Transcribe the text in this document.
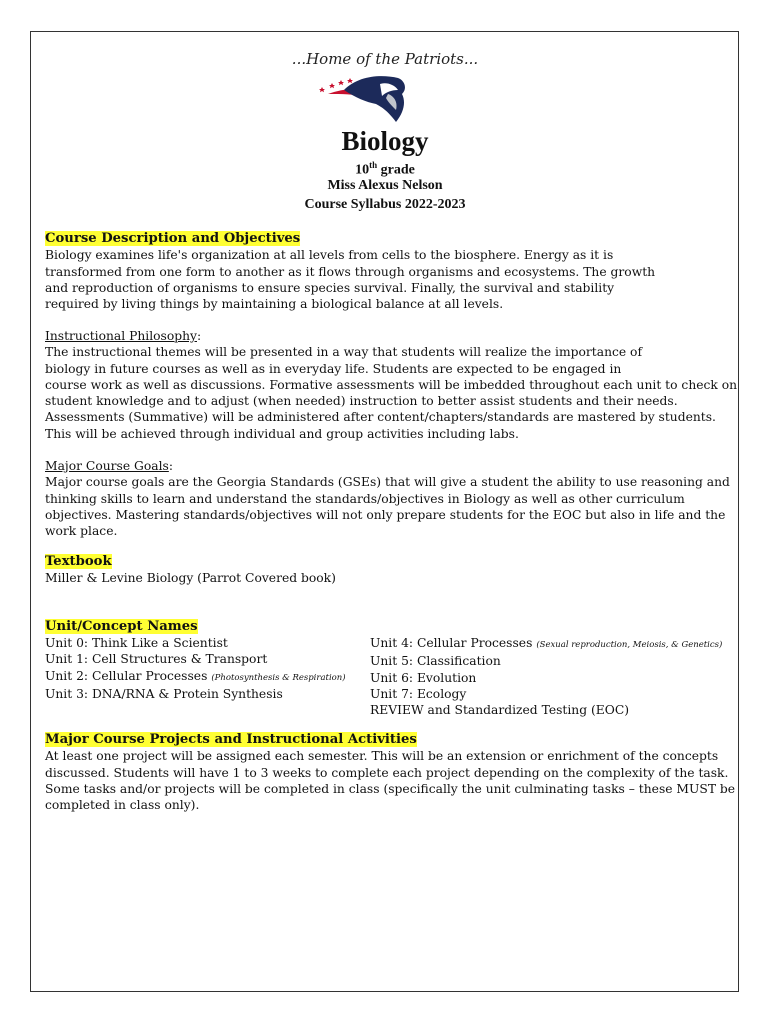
...Home of the Patriots...
Biology
10th grade
Miss Alexus Nelson
Course Syllabus 2022-2023
Course Description and Objectives
Biology examines life's organization at all levels from cells to the biosphere. Energy as it is
transformed from one form to another as it flows through organisms and ecosystems. The growth
and reproduction of organisms to ensure species survival. Finally, the survival and stability
required by living things by maintaining a biological balance at all levels.
Instructional Philosophy:
The instructional themes will be presented in a way that students will realize the importance of
biology in future courses as well as in everyday life. Students are expected to be engaged in
course work as well as discussions. Formative assessments will be imbedded throughout each unit to check on
student knowledge and to adjust (when needed) instruction to better assist students and their needs.
Assessments (Summative) will be administered after content/chapters/standards are mastered by students.
This will be achieved through individual and group activities including labs.
Major Course Goals:
Major course goals are the Georgia Standards (GSEs) that will give a student the ability to use reasoning and
thinking skills to learn and understand the standards/objectives in Biology as well as other curriculum
objectives. Mastering standards/objectives will not only prepare students for the EOC but also in life and the
work place.
Textbook
Miller & Levine Biology (Parrot Covered book)
Unit/Concept Names
Unit 0: Think Like a Scientist
Unit 1: Cell Structures & Transport
Unit 2: Cellular Processes (Photosynthesis & Respiration)
Unit 3: DNA/RNA & Protein Synthesis
Unit 4: Cellular Processes (Sexual reproduction, Meiosis, & Genetics)
Unit 5: Classification
Unit 6: Evolution
Unit 7: Ecology
REVIEW and Standardized Testing (EOC)
Major Course Projects and Instructional Activities
At least one project will be assigned each semester. This will be an extension or enrichment of the concepts
discussed. Students will have 1 to 3 weeks to complete each project depending on the complexity of the task.
Some tasks and/or projects will be completed in class (specifically the unit culminating tasks – these MUST be
completed in class only).
